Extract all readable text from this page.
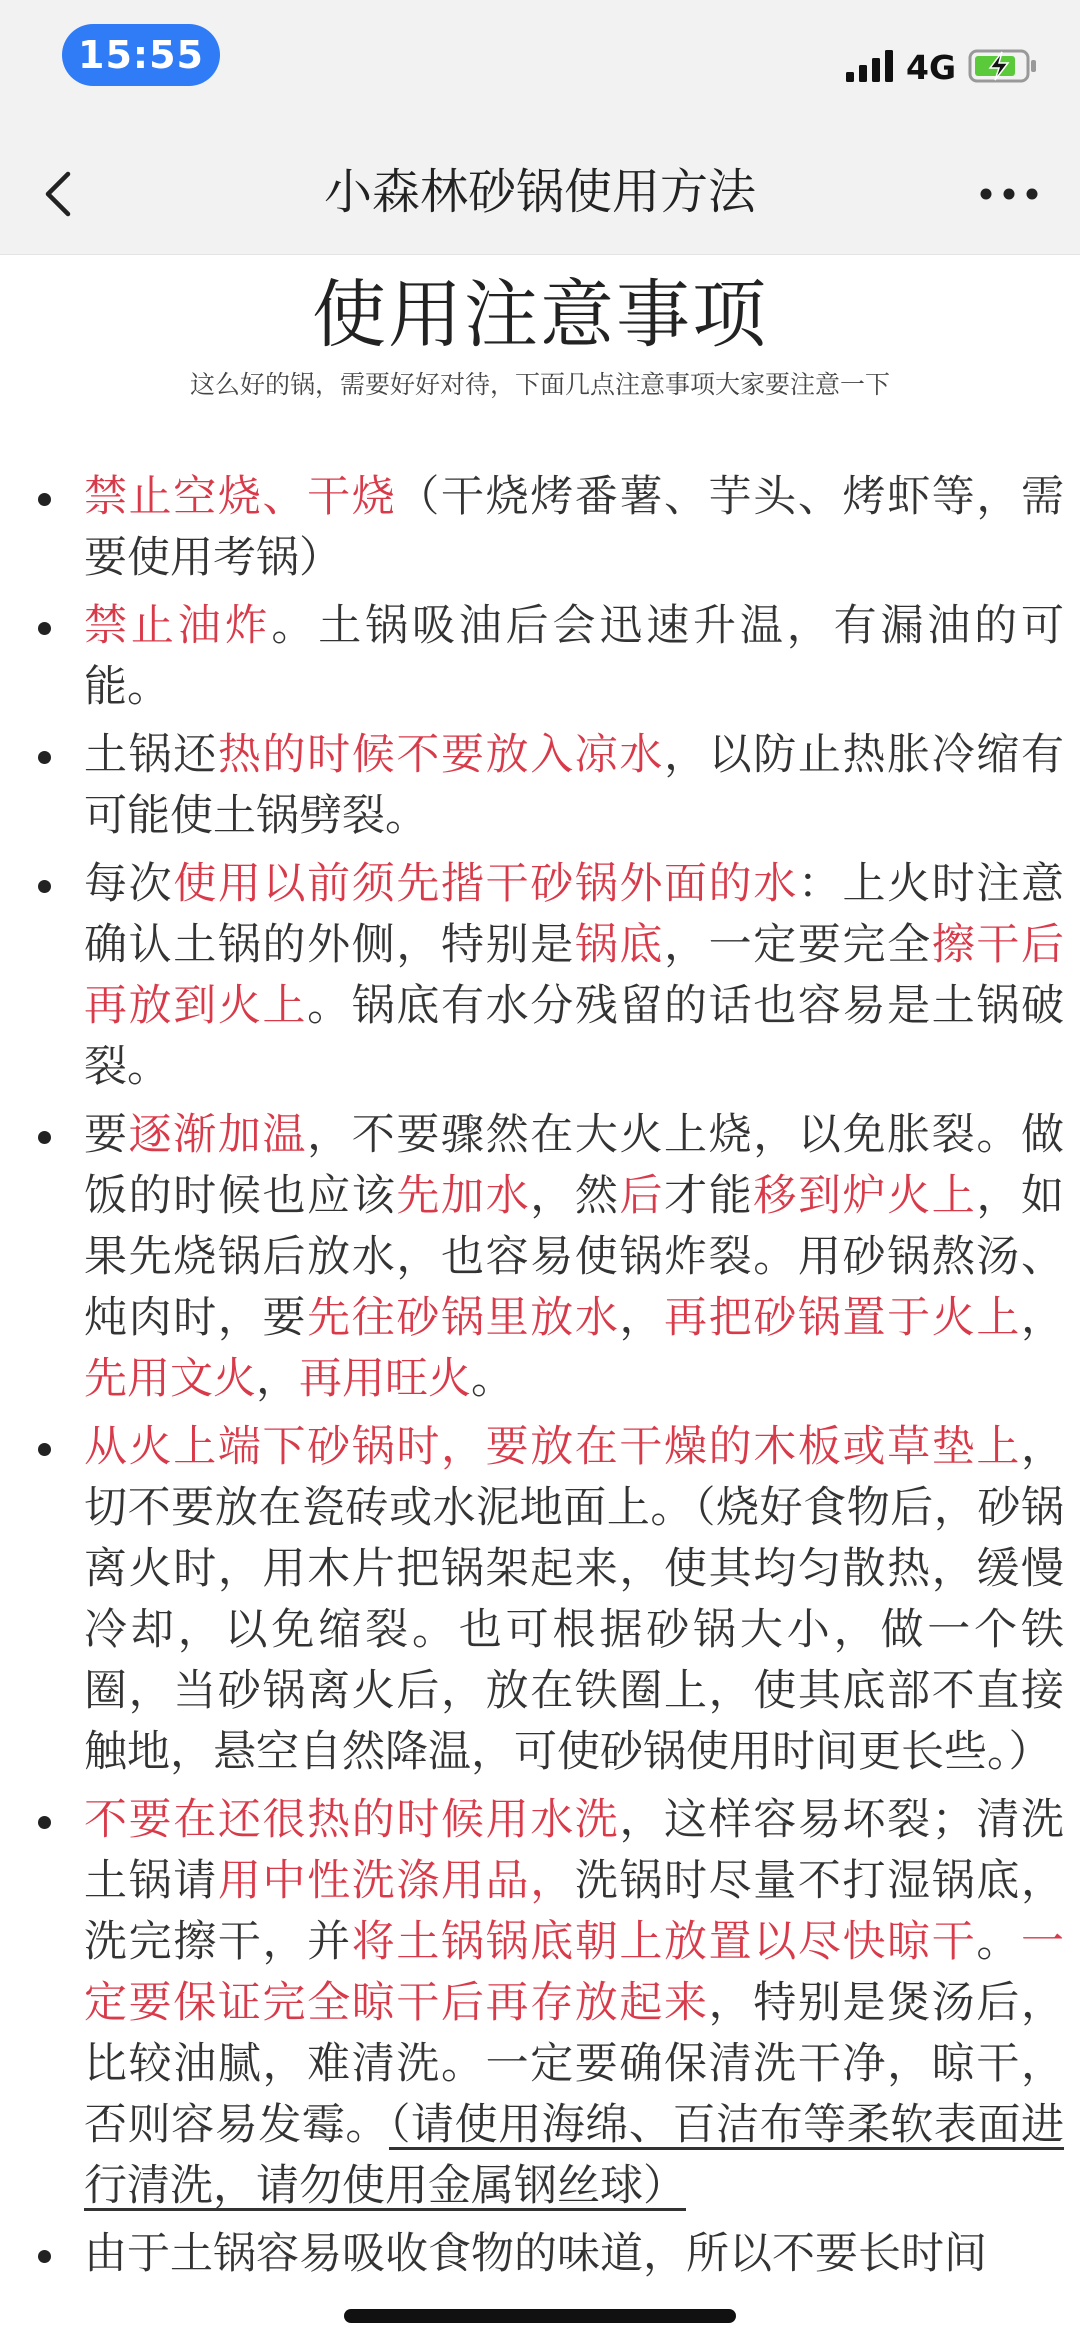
15:55	4G
小森林砂锅使用方法
使用注意事项
这么好的锅，需要好好对待，下面几点注意事项大家要注意一下
禁止空烧、干烧（干烧烤番薯、芋头、烤虾等，需要使用考锅）
禁止油炸。土锅吸油后会迅速升温，有漏油的可能。
土锅还热的时候不要放入凉水，以防止热胀冷缩有可能使土锅劈裂。
每次使用以前须先揩干砂锅外面的水：上火时注意确认土锅的外侧，特别是锅底，一定要完全擦干后再放到火上。锅底有水分残留的话也容易是土锅破裂。
要逐渐加温，不要骤然在大火上烧，以免胀裂。做饭的时候也应该先加水，然后才能移到炉火上，如果先烧锅后放水，也容易使锅炸裂。用砂锅熬汤、炖肉时，要先往砂锅里放水，再把砂锅置于火上，先用文火，再用旺火。
从火上端下砂锅时，要放在干燥的木板或草垫上，切不要放在瓷砖或水泥地面上。（烧好食物后，砂锅离火时，用木片把锅架起来，使其均匀散热，缓慢冷却，以免缩裂。也可根据砂锅大小，做一个铁圈，当砂锅离火后，放在铁圈上，使其底部不直接触地，悬空自然降温，可使砂锅使用时间更长些。）
不要在还很热的时候用水洗，这样容易坏裂；清洗土锅请用中性洗涤用品，洗锅时尽量不打湿锅底，洗完擦干，并将土锅锅底朝上放置以尽快晾干。一定要保证完全晾干后再存放起来，特别是煲汤后，比较油腻，难清洗。一定要确保清洗干净，晾干，否则容易发霉。（请使用海绵、百洁布等柔软表面进行清洗，请勿使用金属钢丝球）
由于土锅容易吸收食物的味道，所以不要长时间
